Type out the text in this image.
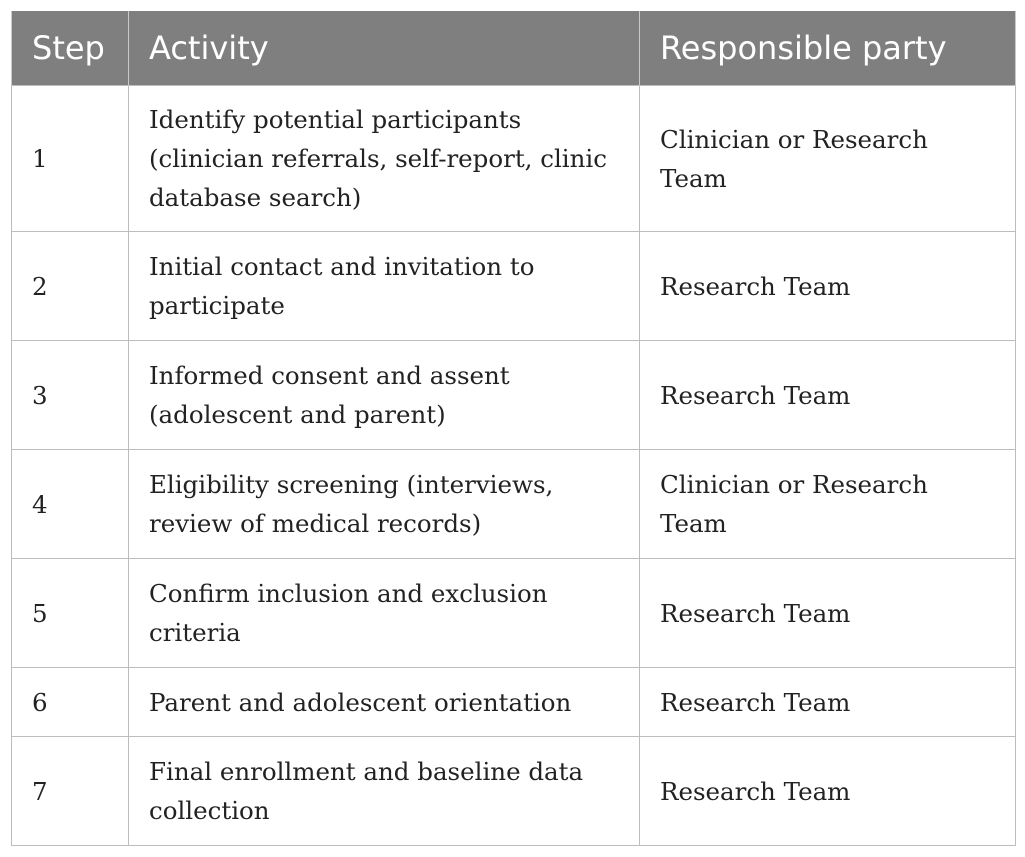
Step	Activity	Responsible party
1	Identify potential participants (clinician referrals, self-report, clinic database search)	Clinician or Research Team
2	Initial contact and invitation to participate	Research Team
3	Informed consent and assent (adolescent and parent)	Research Team
4	Eligibility screening (interviews, review of medical records)	Clinician or Research Team
5	Confirm inclusion and exclusion criteria	Research Team
6	Parent and adolescent orientation	Research Team
7	Final enrollment and baseline data collection	Research Team
